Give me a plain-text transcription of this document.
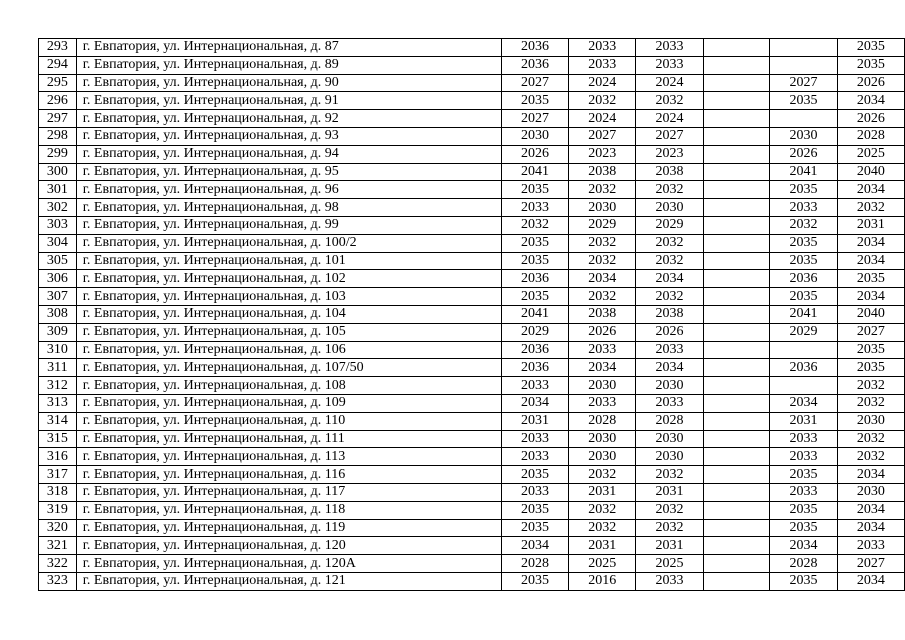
293	г. Евпатория, ул. Интернациональная, д. 87	2036	2033	2033			2035
294	г. Евпатория, ул. Интернациональная, д. 89	2036	2033	2033			2035
295	г. Евпатория, ул. Интернациональная, д. 90	2027	2024	2024		2027	2026
296	г. Евпатория, ул. Интернациональная, д. 91	2035	2032	2032		2035	2034
297	г. Евпатория, ул. Интернациональная, д. 92	2027	2024	2024			2026
298	г. Евпатория, ул. Интернациональная, д. 93	2030	2027	2027		2030	2028
299	г. Евпатория, ул. Интернациональная, д. 94	2026	2023	2023		2026	2025
300	г. Евпатория, ул. Интернациональная, д. 95	2041	2038	2038		2041	2040
301	г. Евпатория, ул. Интернациональная, д. 96	2035	2032	2032		2035	2034
302	г. Евпатория, ул. Интернациональная, д. 98	2033	2030	2030		2033	2032
303	г. Евпатория, ул. Интернациональная, д. 99	2032	2029	2029		2032	2031
304	г. Евпатория, ул. Интернациональная, д. 100/2	2035	2032	2032		2035	2034
305	г. Евпатория, ул. Интернациональная, д. 101	2035	2032	2032		2035	2034
306	г. Евпатория, ул. Интернациональная, д. 102	2036	2034	2034		2036	2035
307	г. Евпатория, ул. Интернациональная, д. 103	2035	2032	2032		2035	2034
308	г. Евпатория, ул. Интернациональная, д. 104	2041	2038	2038		2041	2040
309	г. Евпатория, ул. Интернациональная, д. 105	2029	2026	2026		2029	2027
310	г. Евпатория, ул. Интернациональная, д. 106	2036	2033	2033			2035
311	г. Евпатория, ул. Интернациональная, д. 107/50	2036	2034	2034		2036	2035
312	г. Евпатория, ул. Интернациональная, д. 108	2033	2030	2030			2032
313	г. Евпатория, ул. Интернациональная, д. 109	2034	2033	2033		2034	2032
314	г. Евпатория, ул. Интернациональная, д. 110	2031	2028	2028		2031	2030
315	г. Евпатория, ул. Интернациональная, д. 111	2033	2030	2030		2033	2032
316	г. Евпатория, ул. Интернациональная, д. 113	2033	2030	2030		2033	2032
317	г. Евпатория, ул. Интернациональная, д. 116	2035	2032	2032		2035	2034
318	г. Евпатория, ул. Интернациональная, д. 117	2033	2031	2031		2033	2030
319	г. Евпатория, ул. Интернациональная, д. 118	2035	2032	2032		2035	2034
320	г. Евпатория, ул. Интернациональная, д. 119	2035	2032	2032		2035	2034
321	г. Евпатория, ул. Интернациональная, д. 120	2034	2031	2031		2034	2033
322	г. Евпатория, ул. Интернациональная, д. 120А	2028	2025	2025		2028	2027
323	г. Евпатория, ул. Интернациональная, д. 121	2035	2016	2033		2035	2034
